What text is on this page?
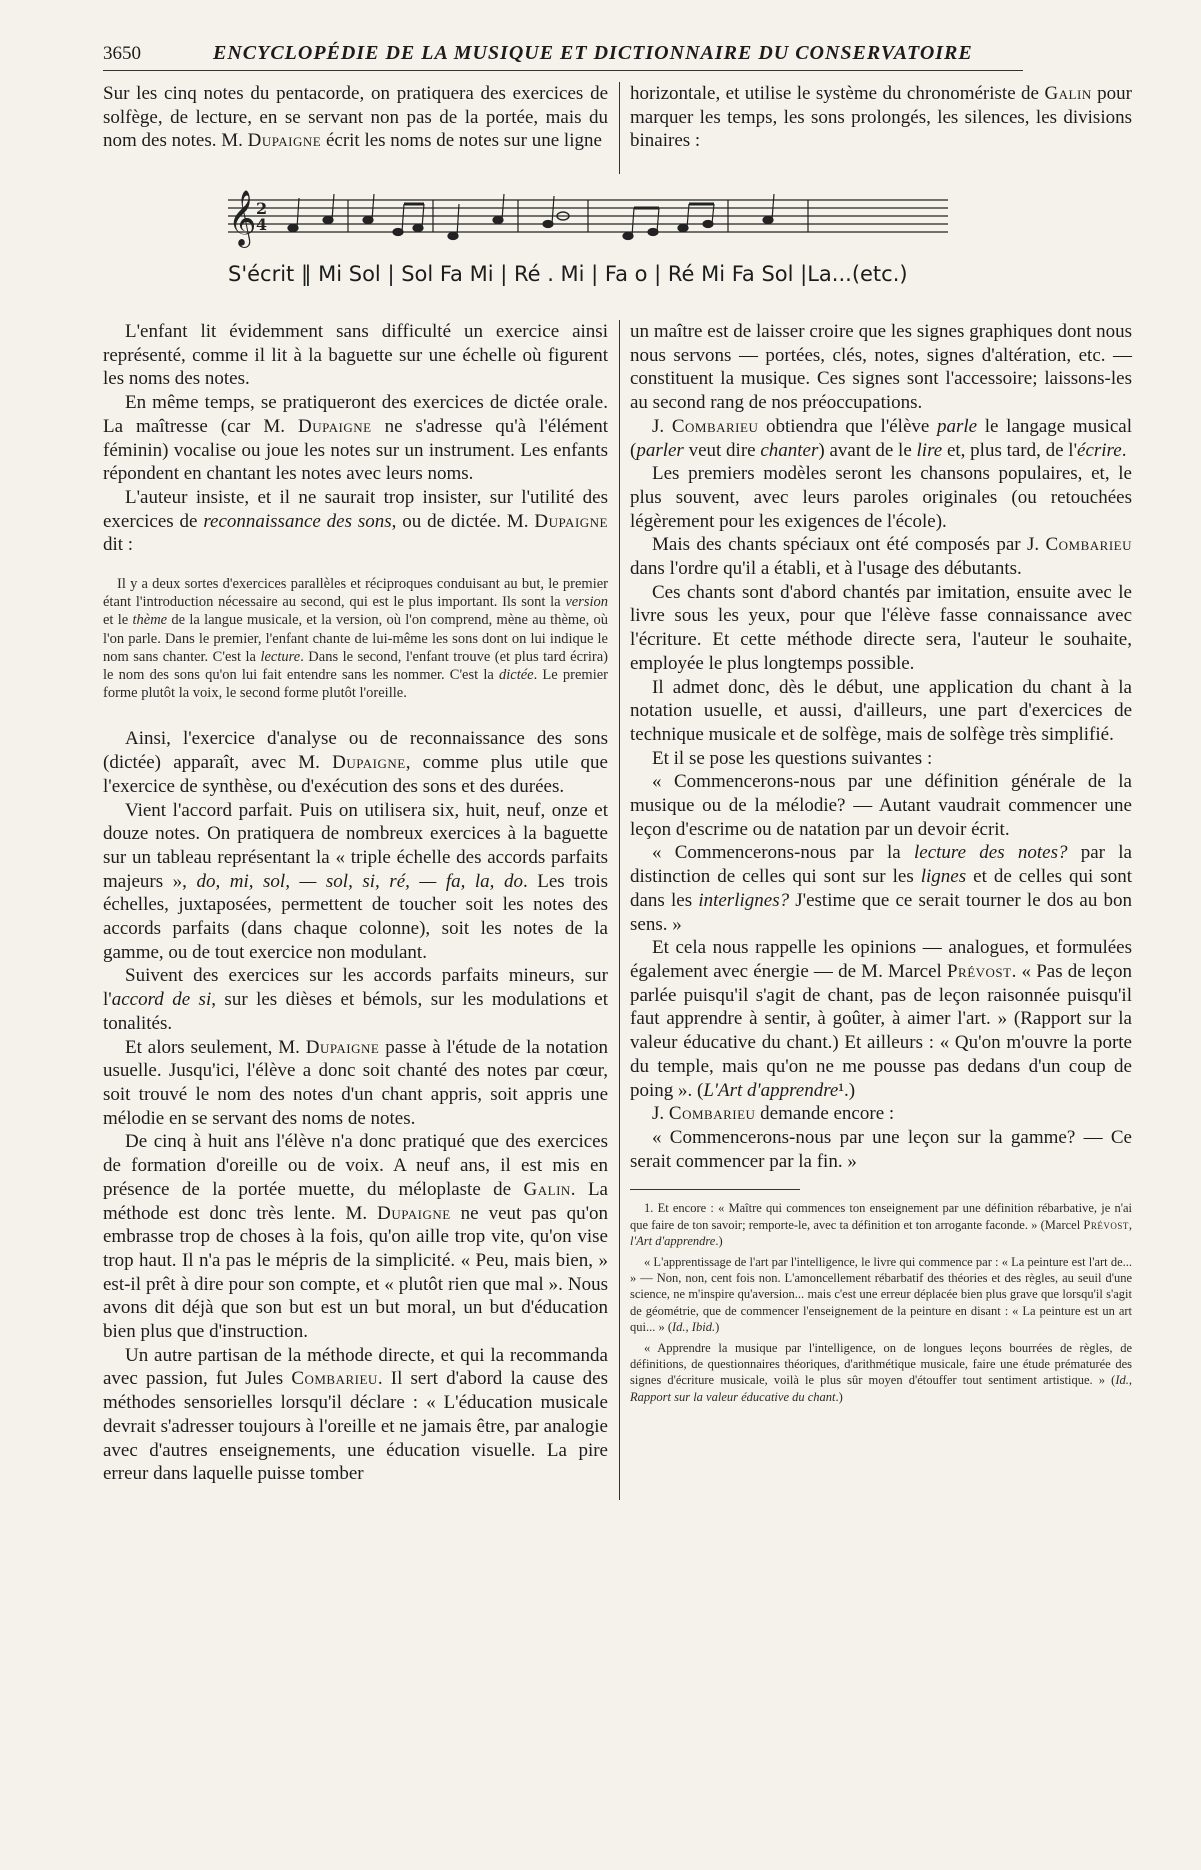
3650	ENCYCLOPÉDIE DE LA MUSIQUE ET DICTIONNAIRE DU CONSERVATOIRE

Sur les cinq notes du pentacorde, on pratiquera des exercices de solfège, de lecture, en se servant non pas de la portée, mais du nom des notes. M. Dupaigne écrit les noms de notes sur une ligne

horizontale, et utilise le système du chronomériste de Galin pour marquer les temps, les sons prolongés, les silences, les divisions binaires :

𝄞 2
4
S'écrit ‖ Mi Sol | Sol Fa Mi | Ré . Mi | Fa o | Ré Mi Fa Sol |La...(etc.)

L'enfant lit évidemment sans difficulté un exercice ainsi représenté, comme il lit à la baguette sur une échelle où figurent les noms des notes.

En même temps, se pratiqueront des exercices de dictée orale. La maîtresse (car M. Dupaigne ne s'adresse qu'à l'élément féminin) vocalise ou joue les notes sur un instrument. Les enfants répondent en chantant les notes avec leurs noms.

L'auteur insiste, et il ne saurait trop insister, sur l'utilité des exercices de reconnaissance des sons, ou de dictée. M. Dupaigne dit :

Il y a deux sortes d'exercices parallèles et réciproques conduisant au but, le premier étant l'introduction nécessaire au second, qui est le plus important. Ils sont la version et le thème de la langue musicale, et la version, où l'on comprend, mène au thème, où l'on parle. Dans le premier, l'enfant chante de lui-même les sons dont on lui indique le nom sans chanter. C'est la lecture. Dans le second, l'enfant trouve (et plus tard écrira) le nom des sons qu'on lui fait entendre sans les nommer. C'est la dictée. Le premier forme plutôt la voix, le second forme plutôt l'oreille.

Ainsi, l'exercice d'analyse ou de reconnaissance des sons (dictée) apparaît, avec M. Dupaigne, comme plus utile que l'exercice de synthèse, ou d'exécution des sons et des durées.

Vient l'accord parfait. Puis on utilisera six, huit, neuf, onze et douze notes. On pratiquera de nombreux exercices à la baguette sur un tableau représentant la « triple échelle des accords parfaits majeurs », do, mi, sol, — sol, si, ré, — fa, la, do. Les trois échelles, juxtaposées, permettent de toucher soit les notes des accords parfaits (dans chaque colonne), soit les notes de la gamme, ou de tout exercice non modulant.

Suivent des exercices sur les accords parfaits mineurs, sur l'accord de si, sur les dièses et bémols, sur les modulations et tonalités.

Et alors seulement, M. Dupaigne passe à l'étude de la notation usuelle. Jusqu'ici, l'élève a donc soit chanté des notes par cœur, soit trouvé le nom des notes d'un chant appris, soit appris une mélodie en se servant des noms de notes.

De cinq à huit ans l'élève n'a donc pratiqué que des exercices de formation d'oreille ou de voix. A neuf ans, il est mis en présence de la portée muette, du méloplaste de Galin. La méthode est donc très lente. M. Dupaigne ne veut pas qu'on embrasse trop de choses à la fois, qu'on aille trop vite, qu'on vise trop haut. Il n'a pas le mépris de la simplicité. « Peu, mais bien, » est-il prêt à dire pour son compte, et « plutôt rien que mal ». Nous avons dit déjà que son but est un but moral, un but d'éducation bien plus que d'instruction.

Un autre partisan de la méthode directe, et qui la recommanda avec passion, fut Jules Combarieu. Il sert d'abord la cause des méthodes sensorielles lorsqu'il déclare : « L'éducation musicale devrait s'adresser toujours à l'oreille et ne jamais être, par analogie avec d'autres enseignements, une éducation visuelle. La pire erreur dans laquelle puisse tomber

un maître est de laisser croire que les signes graphiques dont nous nous servons — portées, clés, notes, signes d'altération, etc. — constituent la musique. Ces signes sont l'accessoire; laissons-les au second rang de nos préoccupations.

J. Combarieu obtiendra que l'élève parle le langage musical (parler veut dire chanter) avant de le lire et, plus tard, de l'écrire.

Les premiers modèles seront les chansons populaires, et, le plus souvent, avec leurs paroles originales (ou retouchées légèrement pour les exigences de l'école).

Mais des chants spéciaux ont été composés par J. Combarieu dans l'ordre qu'il a établi, et à l'usage des débutants.

Ces chants sont d'abord chantés par imitation, ensuite avec le livre sous les yeux, pour que l'élève fasse connaissance avec l'écriture. Et cette méthode directe sera, l'auteur le souhaite, employée le plus longtemps possible.

Il admet donc, dès le début, une application du chant à la notation usuelle, et aussi, d'ailleurs, une part d'exercices de technique musicale et de solfège, mais de solfège très simplifié.

Et il se pose les questions suivantes :

« Commencerons-nous par une définition générale de la musique ou de la mélodie? — Autant vaudrait commencer une leçon d'escrime ou de natation par un devoir écrit.

« Commencerons-nous par la lecture des notes? par la distinction de celles qui sont sur les lignes et de celles qui sont dans les interlignes? J'estime que ce serait tourner le dos au bon sens. »

Et cela nous rappelle les opinions — analogues, et formulées également avec énergie — de M. Marcel Prévost. « Pas de leçon parlée puisqu'il s'agit de chant, pas de leçon raisonnée puisqu'il faut apprendre à sentir, à goûter, à aimer l'art. » (Rapport sur la valeur éducative du chant.) Et ailleurs : « Qu'on m'ouvre la porte du temple, mais qu'on ne me pousse pas dedans d'un coup de poing ». (L'Art d'apprendre¹.)

J. Combarieu demande encore :

« Commencerons-nous par une leçon sur la gamme? — Ce serait commencer par la fin. »

1. Et encore : « Maître qui commences ton enseignement par une définition rébarbative, je n'ai que faire de ton savoir; remporte-le, avec ta définition et ton arrogante faconde. » (Marcel Prévost, l'Art d'apprendre.)

« L'apprentissage de l'art par l'intelligence, le livre qui commence par : « La peinture est l'art de... » — Non, non, cent fois non. L'amoncellement rébarbatif des théories et des règles, au seuil d'une science, ne m'inspire qu'aversion... mais c'est une erreur déplacée bien plus grave que lorsqu'il s'agit de géométrie, que de commencer l'enseignement de la peinture en disant : « La peinture est un art qui... » (Id., Ibid.)

« Apprendre la musique par l'intelligence, on de longues leçons bourrées de règles, de définitions, de questionnaires théoriques, d'arithmétique musicale, faire une étude prématurée des signes d'écriture musicale, voilà le plus sûr moyen d'étouffer tout sentiment artistique. » (Id., Rapport sur la valeur éducative du chant.)
